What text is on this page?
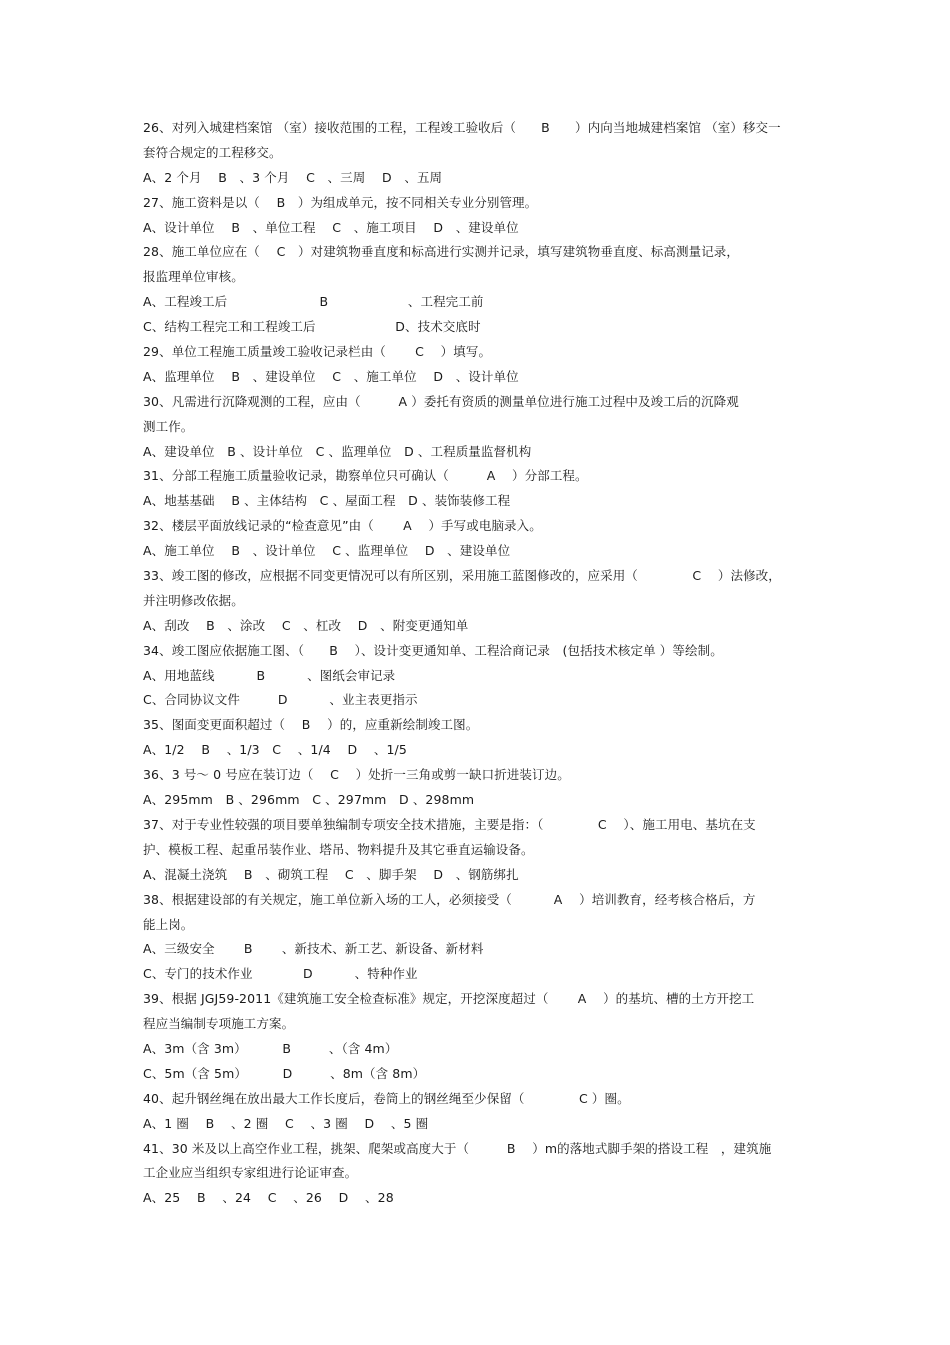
26、对列入城建档案馆 （室）接收范围的工程，工程竣工验收后（　　B　　）内向当地城建档案馆 （室）移交一
套符合规定的工程移交。
A、2 个月　 B　、3 个月　 C　、三周　 D　、五周
27、施工资料是以（　 B　）为组成单元，按不同相关专业分别管理。
A、设计单位　 B　、单位工程　 C　、施工项目　 D　、建设单位
28、施工单位应在（　 C　）对建筑物垂直度和标高进行实测并记录，填写建筑物垂直度、标高测量记录，
报监理单位审核。
A、工程竣工后　　　　　　　 B　　　　　　 、工程完工前
C、结构工程完工和工程竣工后　　　　　　 D、技术交底时
29、单位工程施工质量竣工验收记录栏由（　　 C　 ）填写。
A、监理单位　 B　、建设单位　 C　、施工单位　 D　、设计单位
30、凡需进行沉降观测的工程，应由（　　　A ）委托有资质的测量单位进行施工过程中及竣工后的沉降观
测工作。
A、建设单位　B 、设计单位　C 、监理单位　D 、工程质量监督机构
31、分部工程施工质量验收记录，勘察单位只可确认（　　　A　 ）分部工程。
A、地基基础　 B 、主体结构　C 、屋面工程　D 、装饰装修工程
32、楼层平面放线记录的“检查意见”由（　　 A　 ）手写或电脑录入。
A、施工单位　 B　、设计单位　 C 、监理单位　 D　、建设单位
33、竣工图的修改，应根据不同变更情况可以有所区别，采用施工蓝图修改的，应采用（　　　　 C　 ）法修改，
并注明修改依据。
A、刮改　 B　、涂改　 C　、杠改　 D　、附变更通知单
34、竣工图应依据施工图、（　　B　 ）、设计变更通知单、工程洽商记录　(包括技术核定单 ）等绘制。
A、用地蓝线　　　 B　　　 、图纸会审记录
C、合同协议文件　　　D　　　 、业主表更指示
35、图面变更面积超过（　 B　 ）的，应重新绘制竣工图。
A、1/2　 B　 、1/3　C　 、1/4　 D　 、1/5
36、3 号～ 0 号应在装订边（　 C　 ）处折一三角或剪一缺口折进装订边。
A、295mm　B 、296mm　C 、297mm　D 、298mm
37、对于专业性较强的项目要单独编制专项安全技术措施，主要是指：（　　　　 C　 ）、施工用电、基坑在支
护、模板工程、起重吊装作业、塔吊、物料提升及其它垂直运输设备。
A、混凝土浇筑　 B　、砌筑工程　 C　、脚手架　 D　、钢筋绑扎
38、根据建设部的有关规定，施工单位新入场的工人，必须接受（　　　 A　 ）培训教育，经考核合格后，方
能上岗。
A、三级安全　　 B　　 、新技术、新工艺、新设备、新材料
C、专门的技术作业　　　　D　　　 、特种作业
39、根据 JGJ59-2011《建筑施工安全检查标准》规定，开挖深度超过（　　 A　 ）的基坑、槽的土方开挖工
程应当编制专项施工方案。
A、3m（含 3m）　　　 B　　　、（含 4m）
C、5m（含 5m）　　　 D　　　、8m（含 8m）
40、起升钢丝绳在放出最大工作长度后，卷筒上的钢丝绳至少保留（　　　　 C ）圈。
A、1 圈　 B　 、2 圈　 C　 、3 圈　 D　 、5 圈
41、30 米及以上高空作业工程，挑架、爬架或高度大于（　　　B　 ）m的落地式脚手架的搭设工程　，建筑施
工企业应当组织专家组进行论证审查。
A、25　 B　 、24　 C　 、26　 D　 、28
